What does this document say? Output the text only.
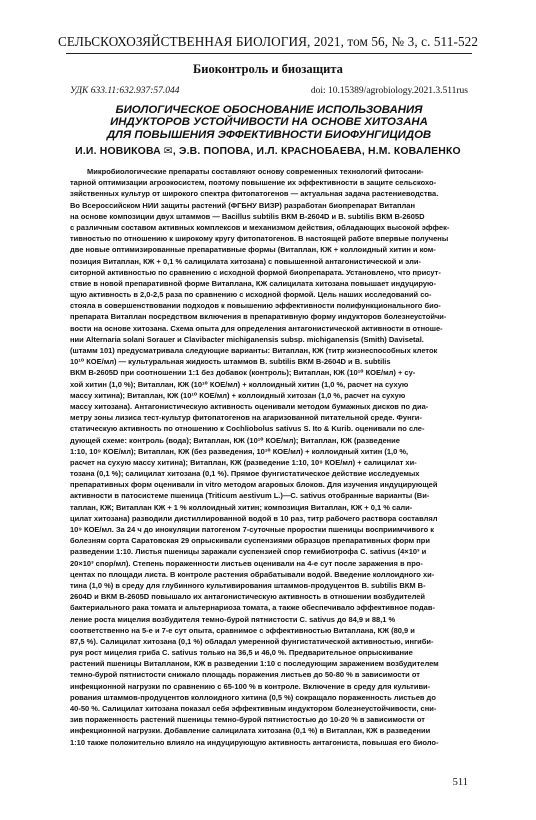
СЕЛЬСКОХОЗЯЙСТВЕННАЯ БИОЛОГИЯ, 2021, том 56, № 3, с. 511-522
Биоконтроль и биозащита
УДК 633.11:632.937:57.044	doi: 10.15389/agrobiology.2021.3.511rus
БИОЛОГИЧЕСКОЕ ОБОСНОВАНИЕ ИСПОЛЬЗОВАНИЯ
ИНДУКТОРОВ УСТОЙЧИВОСТИ НА ОСНОВЕ ХИТОЗАНА
ДЛЯ ПОВЫШЕНИЯ ЭФФЕКТИВНОСТИ БИОФУНГИЦИДОВ
И.И. НОВИКОВА ✉, Э.В. ПОПОВА, И.Л. КРАСНОБАЕВА, Н.М. КОВАЛЕНКО
Микробиологические препараты составляют основу современных технологий фитосани-
тарной оптимизации агроэкосистем, поэтому повышение их эффективности в защите сельскохо-
зяйственных культур от широкого спектра фитопатогенов — актуальная задача растениеводства.
Во Всероссийском НИИ защиты растений (ФГБНУ ВИЗР) разработан биопрепарат Витаплан
на основе композиции двух штаммов — Bacillus subtilis ВКМ В-2604D и B. subtilis ВКМ В-2605D
с различным составом активных комплексов и механизмом действия, обладающих высокой эффек-
тивностью по отношению к широкому кругу фитопатогенов. В настоящей работе впервые получены
две новые оптимизированные препаративные формы (Витаплан, КЖ + коллоидный хитин и ком-
позиция Витаплан, КЖ + 0,1 % салицилата хитозана) с повышенной антагонистической и эли-
ситорной активностью по сравнению с исходной формой биопрепарата. Установлено, что присут-
ствие в новой препаративной форме Витаплана, КЖ салицилата хитозана повышает индуцирую-
щую активность в 2,0-2,5 раза по сравнению с исходной формой. Цель наших исследований со-
стояла в совершенствовании подходов к повышению эффективности полифункционального био-
препарата Витаплан посредством включения в препаративную форму индукторов болезнеустойчи-
вости на основе хитозана. Схема опыта для определения антагонистической активности в отноше-
нии Alternaria solani Sorauer и Clavibacter michiganensis subsp. michiganensis (Smith) Davisetal.
(штамм 101) предусматривала следующие варианты: Витаплан, КЖ (титр жизнеспособных клеток
10¹⁰ КОЕ/мл) — культуральная жидкость штаммов B. subtilis ВКМ В-2604D и B. subtilis
ВКМ В-2605D при соотношении 1:1 без добавок (контроль); Витаплан, КЖ (10¹⁰ КОЕ/мл) + су-
хой хитин (1,0 %); Витаплан, КЖ (10¹⁰ КОЕ/мл) + коллоидный хитин (1,0 %, расчет на сухую
массу хитина); Витаплан, КЖ (10¹⁰ КОЕ/мл) + коллоидный хитозан (1,0 %, расчет на сухую
массу хитозана). Антагонистическую активность оценивали методом бумажных дисков по диа-
метру зоны лизиса тест-культур фитопатогенов на агаризованной питательной среде. Фунги-
статическую активность по отношению к Cochliobolus sativus S. Ito & Kurib. оценивали по сле-
дующей схеме: контроль (вода); Витаплан, КЖ (10¹⁰ КОЕ/мл); Витаплан, КЖ (разведение
1:10, 10⁹ КОЕ/мл); Витаплан, КЖ (без разведения, 10¹⁰ КОЕ/мл) + коллоидный хитин (1,0 %,
расчет на сухую массу хитина); Витаплан, КЖ (разведение 1:10, 10⁹ КОЕ/мл) + салицилат хи-
тозана (0,1 %); салицилат хитозана (0,1 %). Прямое фунгистатическое действие исследуемых
препаративных форм оценивали in vitro методом агаровых блоков. Для изучения индуцирующей
активности в патосистеме пшеница (Triticum aestivum L.)—C. sativus отобранные варианты (Ви-
таплан, КЖ; Витаплан КЖ + 1 % коллоидный хитин; композиция Витаплан, КЖ + 0,1 % сали-
цилат хитозана) разводили дистиллированной водой в 10 раз, титр рабочего раствора составлял
10⁹ КОЕ/мл. За 24 ч до инокуляции патогеном 7-суточные проростки пшеницы восприимчивого к
болезням сорта Саратовская 29 опрыскивали суспензиями образцов препаративных форм при
разведении 1:10. Листья пшеницы заражали суспензией спор гемибиотрофа C. sativus (4×10³ и
20×10³ спор/мл). Степень пораженности листьев оценивали на 4-е сут после заражения в про-
центах по площади листа. В контроле растения обрабатывали водой. Введение коллоидного хи-
тина (1,0 %) в среду для глубинного культивирования штаммов-продуцентов B. subtilis ВКМ В-
2604D и ВКМ В-2605D повышало их антагонистическую активность в отношении возбудителей
бактериального рака томата и альтернариоза томата, а также обеспечивало эффективное подав-
ление роста мицелия возбудителя темно-бурой пятнистости C. sativus до 84,9 и 88,1 %
соответственно на 5-е и 7-е сут опыта, сравнимое с эффективностью Витаплана, КЖ (80,9 и
87,5 %). Салицилат хитозана (0,1 %) обладал умеренной фунгистатической активностью, ингиби-
руя рост мицелия гриба C. sativus только на 36,5 и 46,0 %. Предварительное опрыскивание
растений пшеницы Витапланом, КЖ в разведении 1:10 с последующим заражением возбудителем
темно-бурой пятнистости снижало площадь поражения листьев до 50-80 % в зависимости от
инфекционной нагрузки по сравнению с 65-100 % в контроле. Включение в среду для культиви-
рования штаммов-продуцентов коллоидного хитина (0,5 %) сокращало пораженность листьев до
40-50 %. Салицилат хитозана показал себя эффективным индуктором болезнеустойчивости, сни-
зив пораженность растений пшеницы темно-бурой пятнистостью до 10-20 % в зависимости от
инфекционной нагрузки. Добавление салицилата хитозана (0,1 %) в Витаплан, КЖ в разведении
1:10 также положительно влияло на индуцирующую активность антагониста, повышая его биоло-
511
